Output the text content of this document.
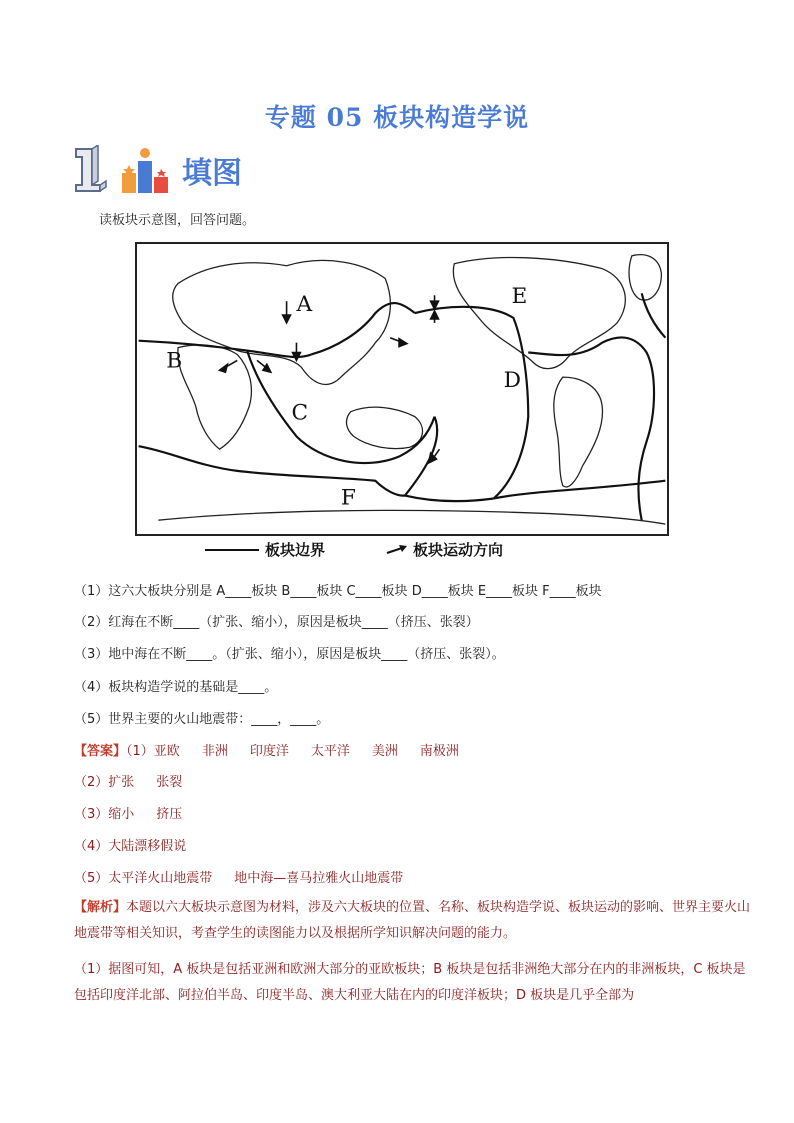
专题 05 板块构造学说
填图
读板块示意图，回答问题。
A
B
C
D
E
F
板块边界	板块运动方向
（1）这六大板块分别是 A____板块 B____板块 C____板块 D____板块 E____板块 F____板块
（2）红海在不断____（扩张、缩小），原因是板块____（挤压、张裂）
（3）地中海在不断____。（扩张、缩小），原因是板块____（挤压、张裂）。
（4）板块构造学说的基础是____。
（5）世界主要的火山地震带：____，____。
【答案】（1）亚欧 非洲 印度洋 太平洋 美洲 南极洲
（2）扩张 张裂
（3）缩小 挤压
（4）大陆漂移假说
（5）太平洋火山地震带 地中海—喜马拉雅火山地震带
【解析】本题以六大板块示意图为材料，涉及六大板块的位置、名称、板块构造学说、板块运动的影响、世界主要火山地震带等相关知识，考查学生的读图能力以及根据所学知识解决问题的能力。
（1）据图可知，A 板块是包括亚洲和欧洲大部分的亚欧板块；B 板块是包括非洲绝大部分在内的非洲板块，C 板块是包括印度洋北部、阿拉伯半岛、印度半岛、澳大利亚大陆在内的印度洋板块；D 板块是几乎全部为
